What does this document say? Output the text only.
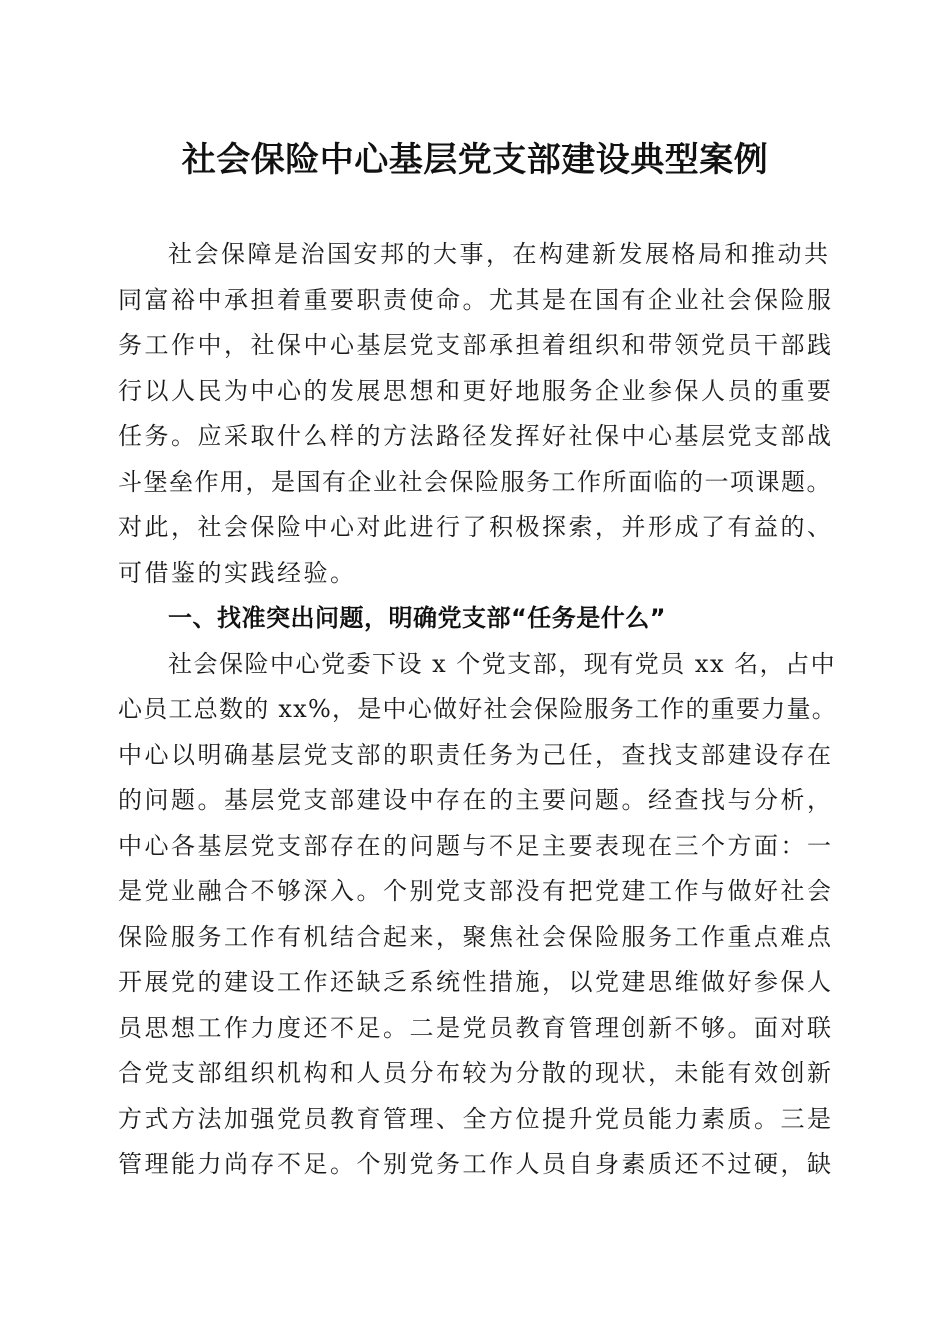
社会保险中心基层党支部建设典型案例
社会保障是治国安邦的大事，在构建新发展格局和推动共
同富裕中承担着重要职责使命。尤其是在国有企业社会保险服
务工作中，社保中心基层党支部承担着组织和带领党员干部践
行以人民为中心的发展思想和更好地服务企业参保人员的重要
任务。应采取什么样的方法路径发挥好社保中心基层党支部战
斗堡垒作用，是国有企业社会保险服务工作所面临的一项课题。
对此，社会保险中心对此进行了积极探索，并形成了有益的、
可借鉴的实践经验。
一、找准突出问题，明确党支部“任务是什么”
社会保险中心党委下设 x 个党支部，现有党员 xx 名，占中
心员工总数的 xx%，是中心做好社会保险服务工作的重要力量。
中心以明确基层党支部的职责任务为己任，查找支部建设存在
的问题。基层党支部建设中存在的主要问题。经查找与分析，
中心各基层党支部存在的问题与不足主要表现在三个方面：一
是党业融合不够深入。个别党支部没有把党建工作与做好社会
保险服务工作有机结合起来，聚焦社会保险服务工作重点难点
开展党的建设工作还缺乏系统性措施，以党建思维做好参保人
员思想工作力度还不足。二是党员教育管理创新不够。面对联
合党支部组织机构和人员分布较为分散的现状，未能有效创新
方式方法加强党员教育管理、全方位提升党员能力素质。三是
管理能力尚存不足。个别党务工作人员自身素质还不过硬，缺
